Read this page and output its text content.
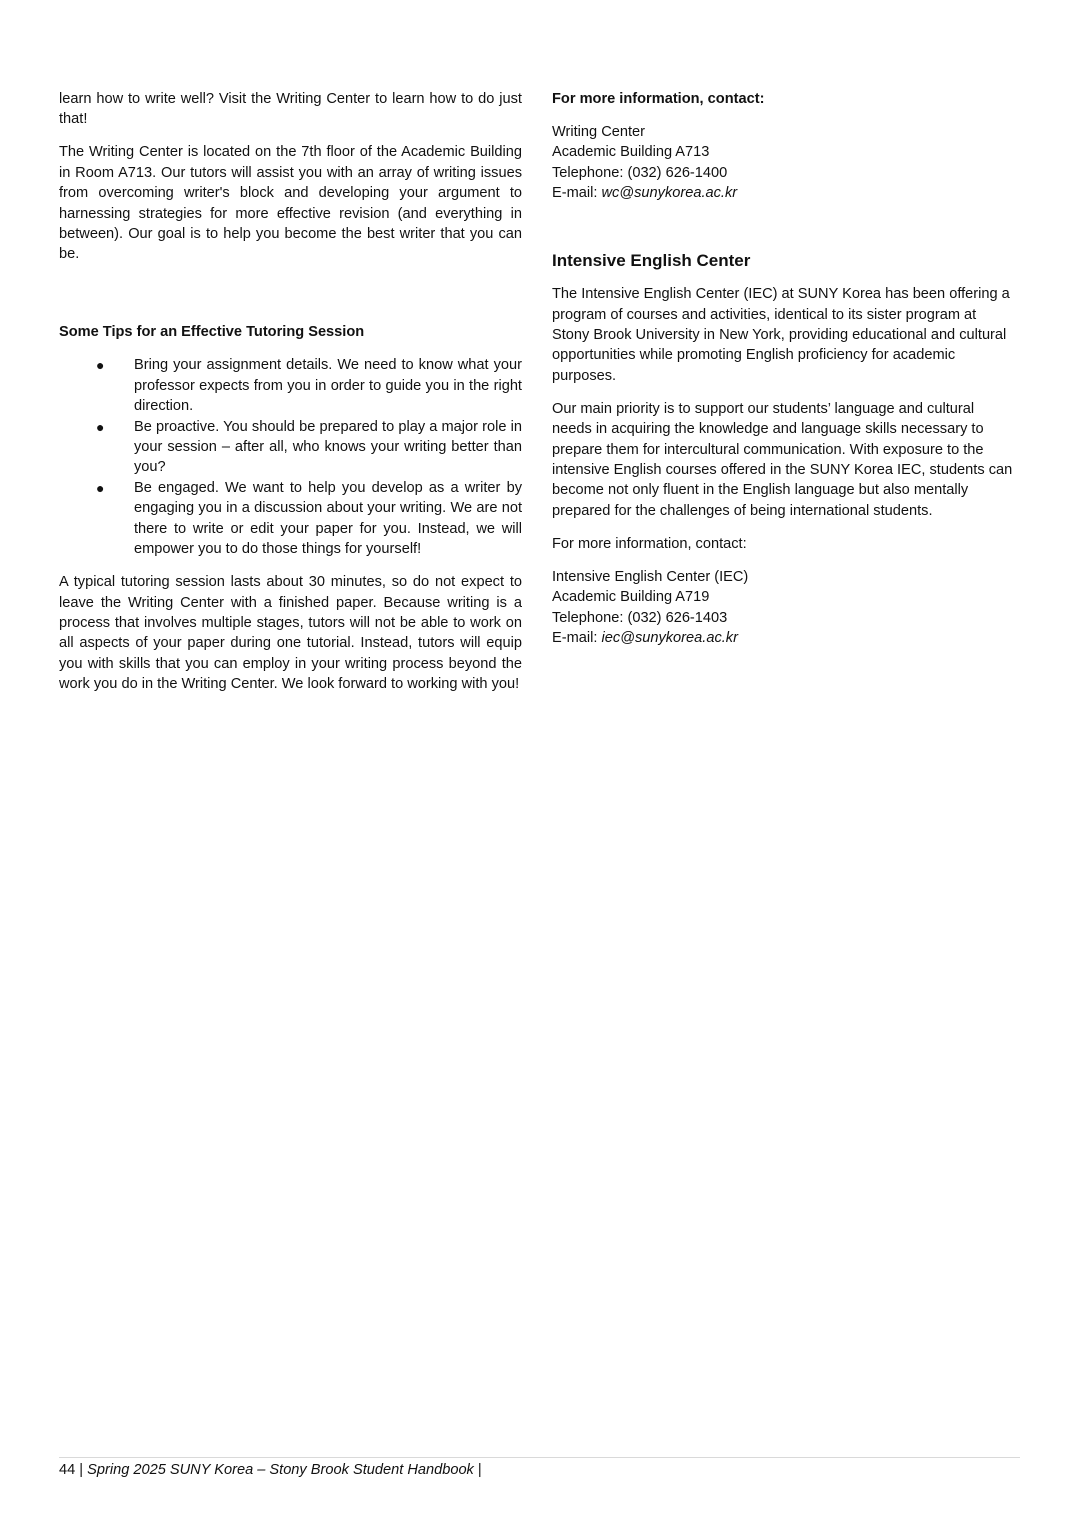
learn how to write well? Visit the Writing Center to learn how to do just that!

The Writing Center is located on the 7th floor of the Academic Building in Room A713. Our tutors will assist you with an array of writing issues from overcoming writer's block and developing your argument to harnessing strategies for more effective revision (and everything in between). Our goal is to help you become the best writer that you can be.

Some Tips for an Effective Tutoring Session

● Bring your assignment details. We need to know what your professor expects from you in order to guide you in the right direction.
● Be proactive. You should be prepared to play a major role in your session – after all, who knows your writing better than you?
● Be engaged. We want to help you develop as a writer by engaging you in a discussion about your writing. We are not there to write or edit your paper for you. Instead, we will empower you to do those things for yourself!

A typical tutoring session lasts about 30 minutes, so do not expect to leave the Writing Center with a finished paper. Because writing is a process that involves multiple stages, tutors will not be able to work on all aspects of your paper during one tutorial. Instead, tutors will equip you with skills that you can employ in your writing process beyond the work you do in the Writing Center. We look forward to working with you!

For more information, contact:

Writing Center
Academic Building A713
Telephone: (032) 626-1400
E-mail: wc@sunykorea.ac.kr

Intensive English Center

The Intensive English Center (IEC) at SUNY Korea has been offering a program of courses and activities, identical to its sister program at Stony Brook University in New York, providing educational and cultural opportunities while promoting English proficiency for academic purposes.

Our main priority is to support our students’ language and cultural needs in acquiring the knowledge and language skills necessary to prepare them for intercultural communication. With exposure to the intensive English courses offered in the SUNY Korea IEC, students can become not only fluent in the English language but also mentally prepared for the challenges of being international students.

For more information, contact:

Intensive English Center (IEC)
Academic Building A719
Telephone: (032) 626-1403
E-mail: iec@sunykorea.ac.kr
44 | Spring 2025 SUNY Korea – Stony Brook Student Handbook |
